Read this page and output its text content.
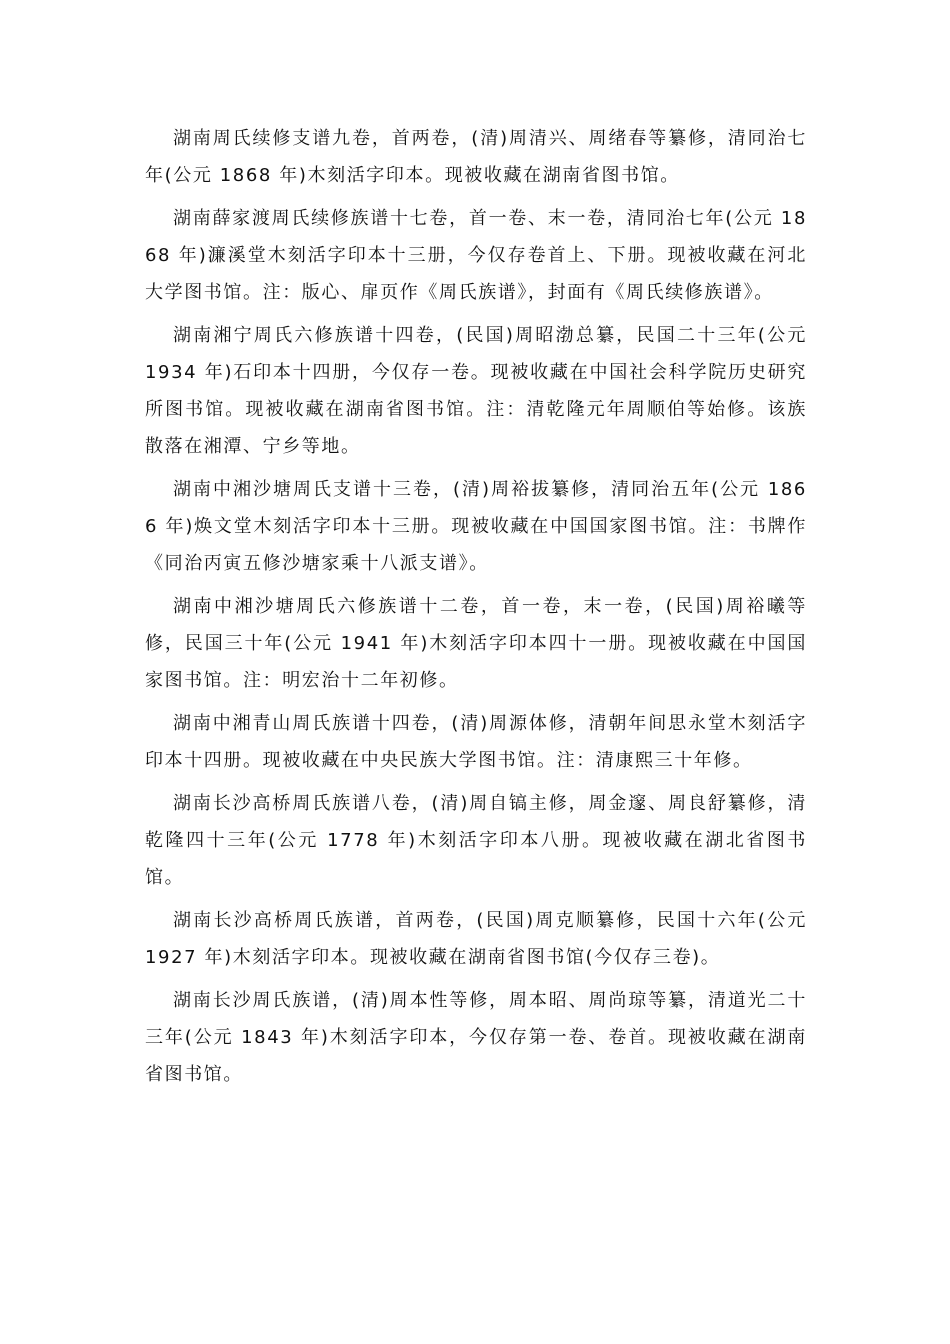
湖南周氏续修支谱九卷，首两卷，(清)周清兴、周绪春等纂修，清同治七年(公元 1868 年)木刻活字印本。现被收藏在湖南省图书馆。

湖南薛家渡周氏续修族谱十七卷，首一卷、末一卷，清同治七年(公元 1868 年)濂溪堂木刻活字印本十三册，今仅存卷首上、下册。现被收藏在河北大学图书馆。注：版心、扉页作《周氏族谱》，封面有《周氏续修族谱》。

湖南湘宁周氏六修族谱十四卷，(民国)周昭渤总纂，民国二十三年(公元 1934 年)石印本十四册，今仅存一卷。现被收藏在中国社会科学院历史研究所图书馆。现被收藏在湖南省图书馆。注：清乾隆元年周顺伯等始修。该族散落在湘潭、宁乡等地。

湖南中湘沙塘周氏支谱十三卷，(清)周裕拔纂修，清同治五年(公元 1866 年)焕文堂木刻活字印本十三册。现被收藏在中国国家图书馆。注：书牌作《同治丙寅五修沙塘家乘十八派支谱》。

湖南中湘沙塘周氏六修族谱十二卷，首一卷，末一卷，(民国)周裕曦等修，民国三十年(公元 1941 年)木刻活字印本四十一册。现被收藏在中国国家图书馆。注：明宏治十二年初修。

湖南中湘青山周氏族谱十四卷，(清)周源体修，清朝年间思永堂木刻活字印本十四册。现被收藏在中央民族大学图书馆。注：清康熙三十年修。

湖南长沙高桥周氏族谱八卷，(清)周自镐主修，周金邃、周良舒纂修，清乾隆四十三年(公元 1778 年)木刻活字印本八册。现被收藏在湖北省图书馆。

湖南长沙高桥周氏族谱，首两卷，(民国)周克顺纂修，民国十六年(公元 1927 年)木刻活字印本。现被收藏在湖南省图书馆(今仅存三卷)。

湖南长沙周氏族谱，(清)周本性等修，周本昭、周尚琼等纂，清道光二十三年(公元 1843 年)木刻活字印本，今仅存第一卷、卷首。现被收藏在湖南省图书馆。
